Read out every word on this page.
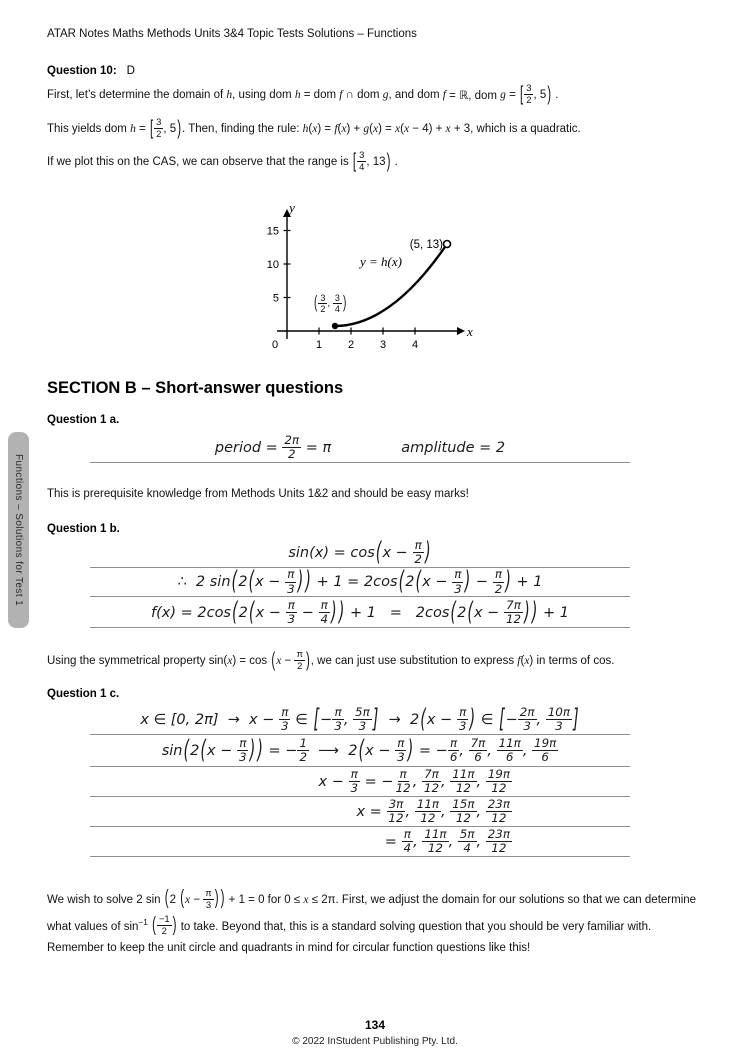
ATAR Notes Maths Methods Units 3&4 Topic Tests Solutions – Functions
Question 10: D
First, let’s determine the domain of h , using dom h = dom f ∩ dom g , and dom f = ℝ, dom g = [ $\frac{3}{2}$ , 5 ) .
This yields dom h = [ $\frac{3}{2}$ , 5 ) . Then, finding the rule: h ( x ) = f ( x ) + g ( x ) = x ( x − 4) + x + 3, which is a quadratic.
If we plot this on the CAS, we can observe that the range is [ $\frac{3}{4}$ , 13 ) .
y
x
0	1 2 3 4
5
10
15
y = h(x)
(5, 13)
( $\frac{3}{2}$ , $\frac{3}{4}$ )
SECTION B – Short-answer questions
Question 1 a.
period = $\frac{2\pi}{2} = \pi$	amplitude = 2
This is prerequisite knowledge from Methods Units 1&2 and should be easy marks!
Question 1 b.
sin(x) = cos ( $x - \frac{\pi}{2}$ )
∴  2 sin ( 2 ( $x - \frac{\pi}{3}$ ) ) + 1 = 2cos ( 2 ( $x - \frac{\pi}{3}$ ) − $\frac{\pi}{2}$ ) + 1
f(x) = 2cos ( 2 ( $x - \frac{\pi}{3} - \frac{\pi}{4}$ ) ) + 1   =   2cos ( 2 ( $x - \frac{7\pi}{12}$ ) ) + 1
Using the symmetrical property sin( x ) = cos ( $x - \frac{\pi}{2}$ ) , we can just use substitution to express f ( x ) in terms of cos.
Question 1 c.
x ∈ [0, $2\pi] \to x - \frac{\pi}{3}$ ∈ [ − $\frac{\pi}{3}$ , $\frac{5\pi}{3}$ ] →  2 ( $x - \frac{\pi}{3}$ ) ∈ [ − $\frac{2\pi}{3}$ , $\frac{10\pi}{3}$ ]
sin ( 2 ( $x - \frac{\pi}{3}$ ) ) = − $\frac{1}{2}$ ⟶  2 ( $x - \frac{\pi}{3}$ ) = − $\frac{\pi}{6}$ , $\frac{7\pi}{6}$ , $\frac{11\pi}{6}$ , $\frac{19\pi}{6}$
$x - \frac{\pi}{3}$ = − $\frac{\pi}{12}$ , $\frac{7\pi}{12}$ , $\frac{11\pi}{12}$ , $\frac{19\pi}{12}$
$x = \frac{3\pi}{12}$ , $\frac{11\pi}{12}$ , $\frac{15\pi}{12}$ , $\frac{23\pi}{12}$
= $\frac{\pi}{4}$ , $\frac{11\pi}{12}$ , $\frac{5\pi}{4}$ , $\frac{23\pi}{12}$
We wish to solve 2 sin (2 ($x - \frac{\pi}{3}$ ) ) + 1 = 0 for 0 ≤ x ≤ 2π. First, we adjust the domain for our solutions so that we can determine what values of $\sin^{-1}$ ( $\frac{-1}{2}$ ) to take. Beyond that, this is a standard solving question that you should be very familiar with. Remember to keep the unit circle and quadrants in mind for circular function questions like this!
134
© 2022 InStudent Publishing Pty. Ltd.
Functions – Solutions for Test 1
